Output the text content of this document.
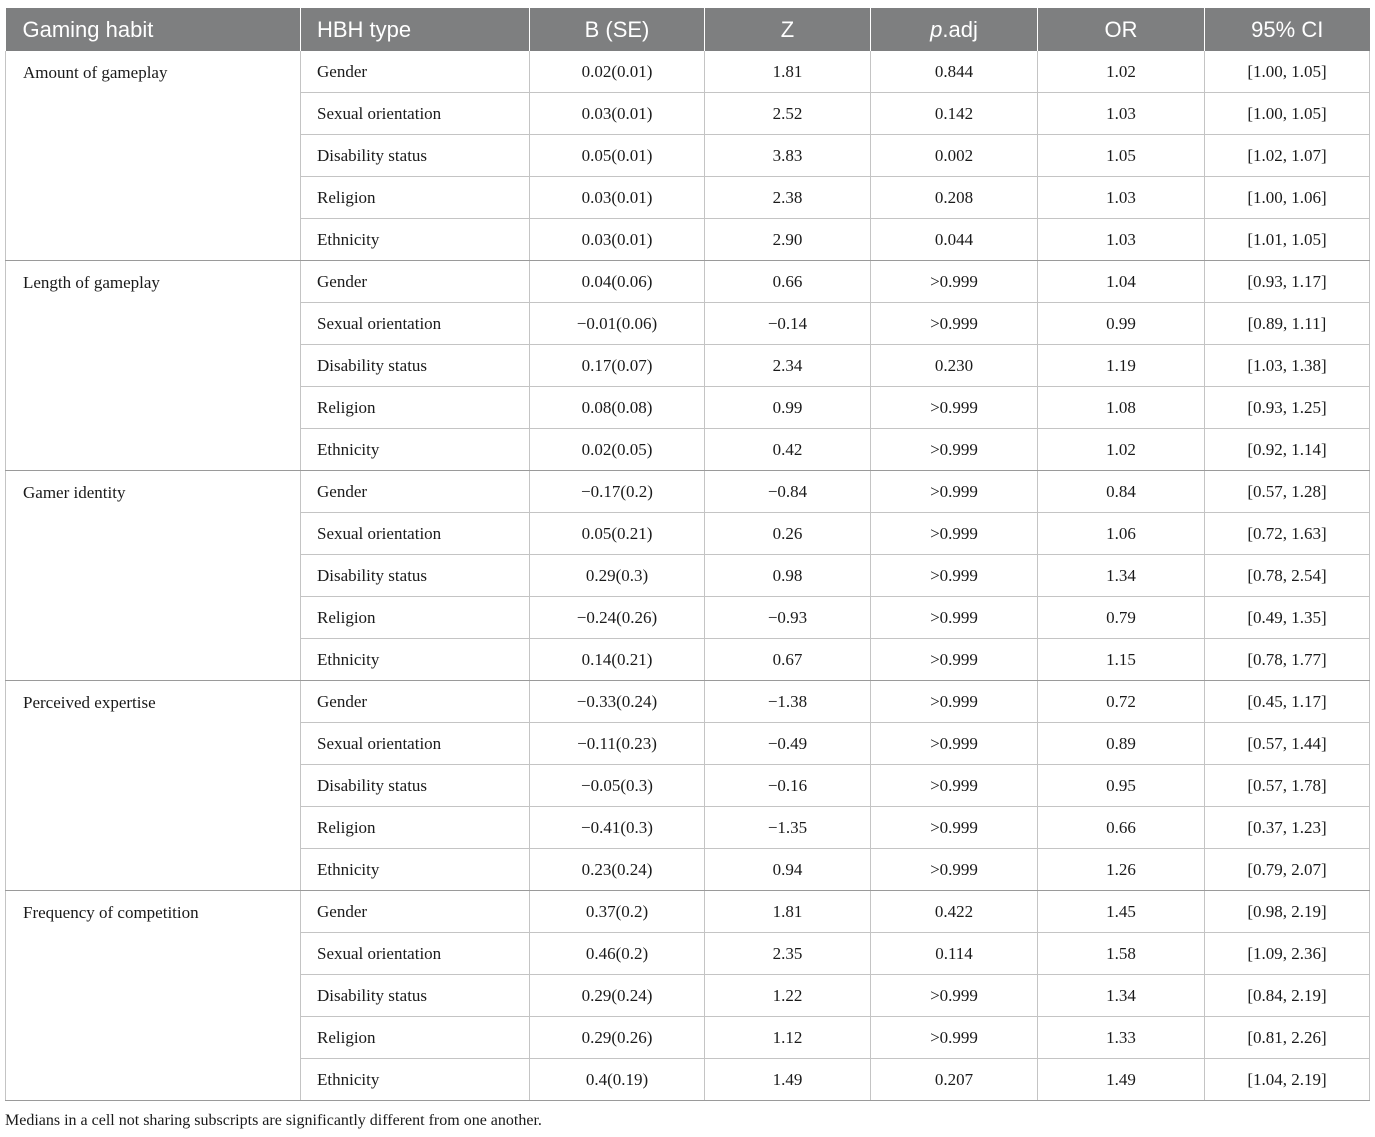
Gaming habit	HBH type	B (SE)	Z	p.adj	OR	95% CI
Amount of gameplay	Gender	0.02(0.01)	1.81	0.844	1.02	[1.00, 1.05]
	Sexual orientation	0.03(0.01)	2.52	0.142	1.03	[1.00, 1.05]
	Disability status	0.05(0.01)	3.83	0.002	1.05	[1.02, 1.07]
	Religion	0.03(0.01)	2.38	0.208	1.03	[1.00, 1.06]
	Ethnicity	0.03(0.01)	2.90	0.044	1.03	[1.01, 1.05]
Length of gameplay	Gender	0.04(0.06)	0.66	>0.999	1.04	[0.93, 1.17]
	Sexual orientation	−0.01(0.06)	−0.14	>0.999	0.99	[0.89, 1.11]
	Disability status	0.17(0.07)	2.34	0.230	1.19	[1.03, 1.38]
	Religion	0.08(0.08)	0.99	>0.999	1.08	[0.93, 1.25]
	Ethnicity	0.02(0.05)	0.42	>0.999	1.02	[0.92, 1.14]
Gamer identity	Gender	−0.17(0.2)	−0.84	>0.999	0.84	[0.57, 1.28]
	Sexual orientation	0.05(0.21)	0.26	>0.999	1.06	[0.72, 1.63]
	Disability status	0.29(0.3)	0.98	>0.999	1.34	[0.78, 2.54]
	Religion	−0.24(0.26)	−0.93	>0.999	0.79	[0.49, 1.35]
	Ethnicity	0.14(0.21)	0.67	>0.999	1.15	[0.78, 1.77]
Perceived expertise	Gender	−0.33(0.24)	−1.38	>0.999	0.72	[0.45, 1.17]
	Sexual orientation	−0.11(0.23)	−0.49	>0.999	0.89	[0.57, 1.44]
	Disability status	−0.05(0.3)	−0.16	>0.999	0.95	[0.57, 1.78]
	Religion	−0.41(0.3)	−1.35	>0.999	0.66	[0.37, 1.23]
	Ethnicity	0.23(0.24)	0.94	>0.999	1.26	[0.79, 2.07]
Frequency of competition	Gender	0.37(0.2)	1.81	0.422	1.45	[0.98, 2.19]
	Sexual orientation	0.46(0.2)	2.35	0.114	1.58	[1.09, 2.36]
	Disability status	0.29(0.24)	1.22	>0.999	1.34	[0.84, 2.19]
	Religion	0.29(0.26)	1.12	>0.999	1.33	[0.81, 2.26]
	Ethnicity	0.4(0.19)	1.49	0.207	1.49	[1.04, 2.19]
Medians in a cell not sharing subscripts are significantly different from one another.
